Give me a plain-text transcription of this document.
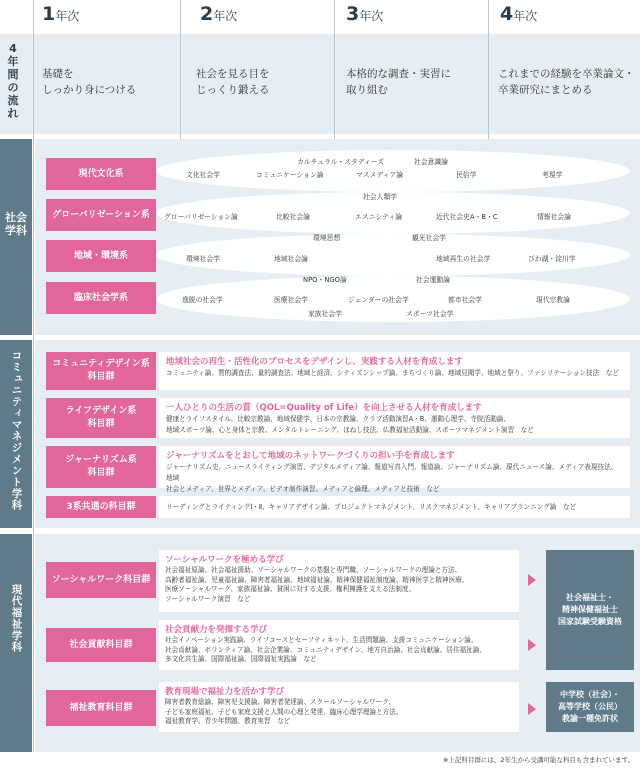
1年次	2年次	3年次	4年次
4年間の流れ
基礎を
しっかり身につける
社会を見る目を
じっくり鍛える
本格的な調査・実習に
取り組む
これまでの経験を卒業論文・
卒業研究にまとめる
社会学科
現代文化系
グローバリゼーション系
地域・環境系
臨床社会学系
カルチュラル・スタディーズ	社会意識論
文化社会学	コミュニケーション論	マスメディア論	民俗学	考現学
社会人類学
グローバリゼーション論	比較社会論	エスニシティ論	近代社会史A・B・C	情報社会論
環境思想	観光社会学
環境社会学	地域社会論	地域再生の社会学	びわ湖・淀川学
NPO・NGO論	社会運動論
逸脱の社会学	医療社会学	ジェンダーの社会学	都市社会学	現代宗教論
家族社会学	スポーツ社会学
コミュニティマネジメント学科	コミュニティデザイン系
科目群
地域社会の再生・活性化のプロセスをデザインし、実践する人材を育成します
コミュニティ論、質的調査法、量的調査法、地域と経済、シティズンシップ論、まちづくり論、地域見聞学、地域と祭り、ファシリテーション技法　など
ライフデザイン系
科目群
一人ひとりの生活の質（QOL=Quality of Life）を向上させる人材を育成します
健康とライフスタイル、比較宗教論、地域保健学、日本の宗教論、クラブ活動演習A・B、運動心理学、寺院活動論、
地域スポーツ論、心と身体と宗教、メンタルトレーニング、ほねし技法、仏教福祉活動論、スポーツマネジメント演習　など
ジャーナリズム系
科目群
ジャーナリズムをとおして地域のネットワークづくりの担い手を育成します
ジャーナリズム史、ニュースライティング演習、デジタルメディア論、報道写真入門、報道論、ジャーナリズム論、現代ニュース論、メディア表現技法、地域
社会とメディア、世界とメディア、ビデオ制作演習、メディアと倫理、メディアと技術　など
3系共通の科目群	リーディングとライティングⅠ・Ⅱ、キャリアデザイン論、プロジェクトマネジメント、リスクマネジメント、キャリアプランニング論　など
現代福祉学科
ソーシャルワーク科目群
ソーシャルワークを極める学び
社会福祉原論、社会福祉援助、ソーシャルワークの基盤と専門職、ソーシャルワークの理論と方法、
高齢者福祉論、児童福祉論、障害者福祉論、地域福祉論、精神保健福祉制度論、精神医学と精神医療、
医療ソーシャルワーク、家族福祉論、貧困に対する支援、権利擁護を支える法制度、
ソーシャルワーク演習　など
社会貢献科目群
社会貢献力を発揮する学び
社会イノベーション実践論、ライフコースとセーフティネット、生活問題論、支援コミュニケーション論、
社会貢献論、ボランティア論、社会企業論、コミュニティデザイン、地方自治論、社会貢献論、居住福祉論、
多文化共生論、国際福祉論、国際福祉実践論　など
福祉教育科目群
教育現場で福祉力を活かす学び
障害者教育総論、障害児支援論、障害者発達論、スクールソーシャルワーク、
子ども家庭福祉、子ども家庭支援と人間の心理と発達、臨床心理学理論と方法、
福祉教育学、青少年問題、教育実習　など
社会福祉士・
精神保健福祉士
国家試験受験資格
中学校（社会）・
高等学校（公民）
教諭一種免許状
※上記科目群には、2年生から受講可能な科目も含まれています。
